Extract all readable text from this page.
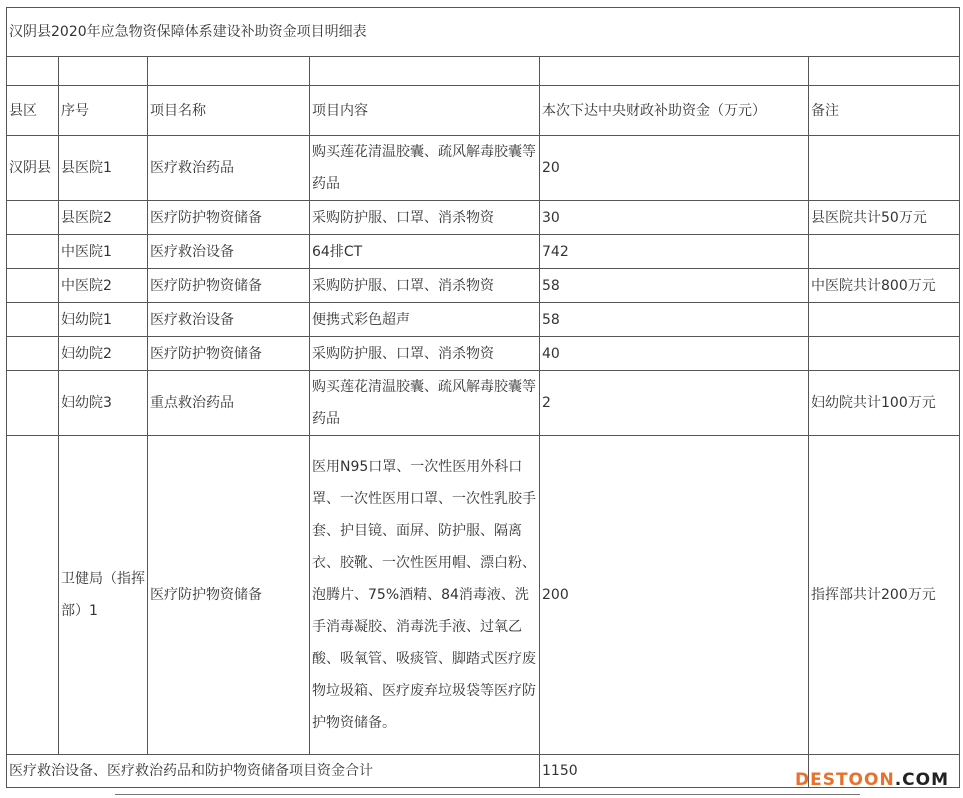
汉阴县2020年应急物资保障体系建设补助资金项目明细表					

县区	序号	项目名称	项目内容	本次下达中央财政补助资金（万元）	备注
汉阴县	县医院1	医疗救治药品	购买莲花清温胶囊、疏风解毒胶囊等药品	20	
	县医院2	医疗防护物资储备	采购防护服、口罩、消杀物资	30	县医院共计50万元
	中医院1	医疗救治设备	64排CT	742	
	中医院2	医疗防护物资储备	采购防护服、口罩、消杀物资	58	中医院共计800万元
	妇幼院1	医疗救治设备	便携式彩色超声	58	
	妇幼院2	医疗防护物资储备	采购防护服、口罩、消杀物资	40	
	妇幼院3	重点救治药品	购买莲花清温胶囊、疏风解毒胶囊等药品	2	妇幼院共计100万元
	卫健局（指挥部）1	医疗防护物资储备	医用N95口罩、一次性医用外科口罩、一次性医用口罩、一次性乳胶手套、护目镜、面屏、防护服、隔离衣、胶靴、一次性医用帽、漂白粉、泡腾片、75%酒精、84消毒液、洗手消毒凝胶、消毒洗手液、过氧乙酸、吸氧管、吸痰管、脚踏式医疗废物垃圾箱、医疗废弃垃圾袋等医疗防护物资储备。	200	指挥部共计200万元
医疗救治设备、医疗救治药品和防护物资储备项目资金合计				1150		DESTOON.COM
